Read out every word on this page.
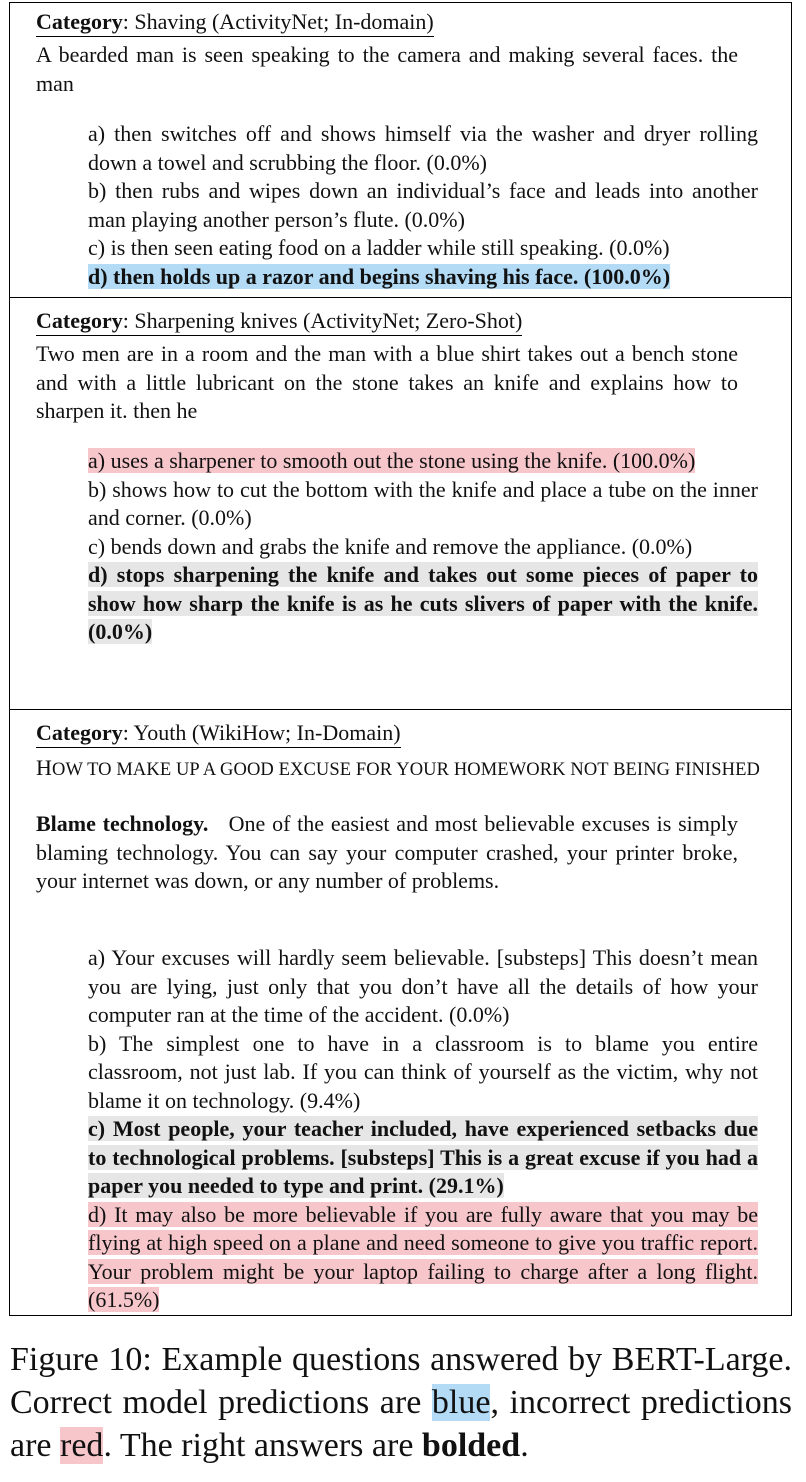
Category: Shaving (ActivityNet; In-domain)
A bearded man is seen speaking to the camera and making several faces. the man

a) then switches off and shows himself via the washer and dryer rolling down a towel and scrubbing the floor. (0.0%)

b) then rubs and wipes down an individual’s face and leads into another man playing another person’s flute. (0.0%)

c) is then seen eating food on a ladder while still speaking. (0.0%)

d) then holds up a razor and begins shaving his face. (100.0%)

Category: Sharpening knives (ActivityNet; Zero-Shot)
Two men are in a room and the man with a blue shirt takes out a bench stone and with a little lubricant on the stone takes an knife and explains how to sharpen it. then he

a) uses a sharpener to smooth out the stone using the knife. (100.0%)

b) shows how to cut the bottom with the knife and place a tube on the inner and corner. (0.0%)

c) bends down and grabs the knife and remove the appliance. (0.0%)

d) stops sharpening the knife and takes out some pieces of paper to show how sharp the knife is as he cuts slivers of paper with the knife. (0.0%)

Category: Youth (WikiHow; In-Domain)
HOW TO MAKE UP A GOOD EXCUSE FOR YOUR HOMEWORK NOT BEING FINISHED
Blame technology. One of the easiest and most believable excuses is simply blaming technology. You can say your computer crashed, your printer broke, your internet was down, or any number of problems.

a) Your excuses will hardly seem believable. [substeps] This doesn’t mean you are lying, just only that you don’t have all the details of how your computer ran at the time of the accident. (0.0%)

b) The simplest one to have in a classroom is to blame you entire classroom, not just lab. If you can think of yourself as the victim, why not blame it on technology. (9.4%)

c) Most people, your teacher included, have experienced setbacks due to technological problems. [substeps] This is a great excuse if you had a paper you needed to type and print. (29.1%)

d) It may also be more believable if you are fully aware that you may be flying at high speed on a plane and need someone to give you traffic report. Your problem might be your laptop failing to charge after a long flight. (61.5%)

Figure 10: Example questions answered by BERT-Large. Correct model predictions are blue, incorrect predictions are red. The right answers are bolded.
